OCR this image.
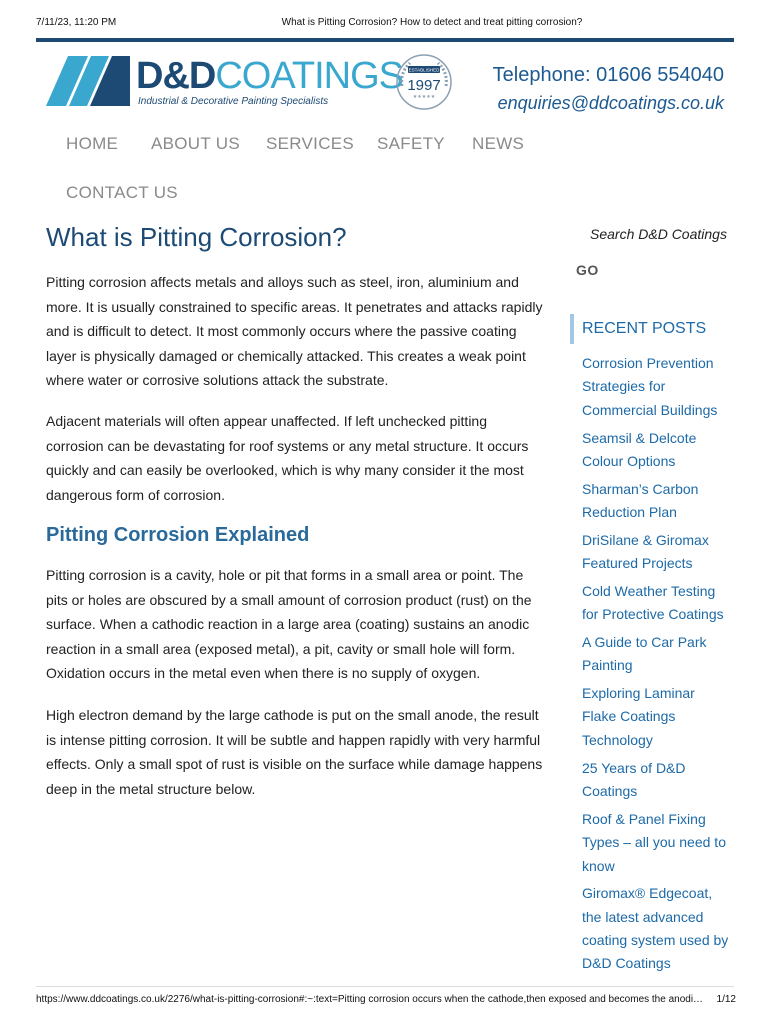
7/11/23, 11:20 PM	What is Pitting Corrosion? How to detect and treat pitting corrosion?
D&DCOATINGS
Industrial & Decorative Painting Specialists
ESTABLISHED
1997
★★★★★
Telephone: 01606 554040
enquiries@ddcoatings.co.uk
HOME ABOUT US SERVICES SAFETY NEWS
CONTACT US
What is Pitting Corrosion?

Pitting corrosion affects metals and alloys such as steel, iron, aluminium and more. It is usually constrained to specific areas. It penetrates and attacks rapidly and is difficult to detect. It most commonly occurs where the passive coating layer is physically damaged or chemically attacked. This creates a weak point where water or corrosive solutions attack the substrate.

Adjacent materials will often appear unaffected. If left unchecked pitting corrosion can be devastating for roof systems or any metal structure. It occurs quickly and can easily be overlooked, which is why many consider it the most dangerous form of corrosion.

Pitting Corrosion Explained

Pitting corrosion is a cavity, hole or pit that forms in a small area or point. The pits or holes are obscured by a small amount of corrosion product (rust) on the surface. When a cathodic reaction in a large area (coating) sustains an anodic reaction in a small area (exposed metal), a pit, cavity or small hole will form. Oxidation occurs in the metal even when there is no supply of oxygen.

High electron demand by the large cathode is put on the small anode, the result is intense pitting corrosion. It will be subtle and happen rapidly with very harmful effects. Only a small spot of rust is visible on the surface while damage happens deep in the metal structure below.

Search D&D Coatings
GO
RECENT POSTS
Corrosion Prevention Strategies for Commercial Buildings
Seamsil & Delcote Colour Options
Sharman’s Carbon Reduction Plan
DriSilane & Giromax Featured Projects
Cold Weather Testing for Protective Coatings
A Guide to Car Park Painting
Exploring Laminar Flake Coatings Technology
25 Years of D&D Coatings
Roof & Panel Fixing Types – all you need to know
Giromax® Edgecoat, the latest advanced coating system used by D&D Coatings
https://www.ddcoatings.co.uk/2276/what-is-pitting-corrosion#:~:text=Pitting corrosion occurs when the cathode,then exposed and becomes the anodi…	1/12
